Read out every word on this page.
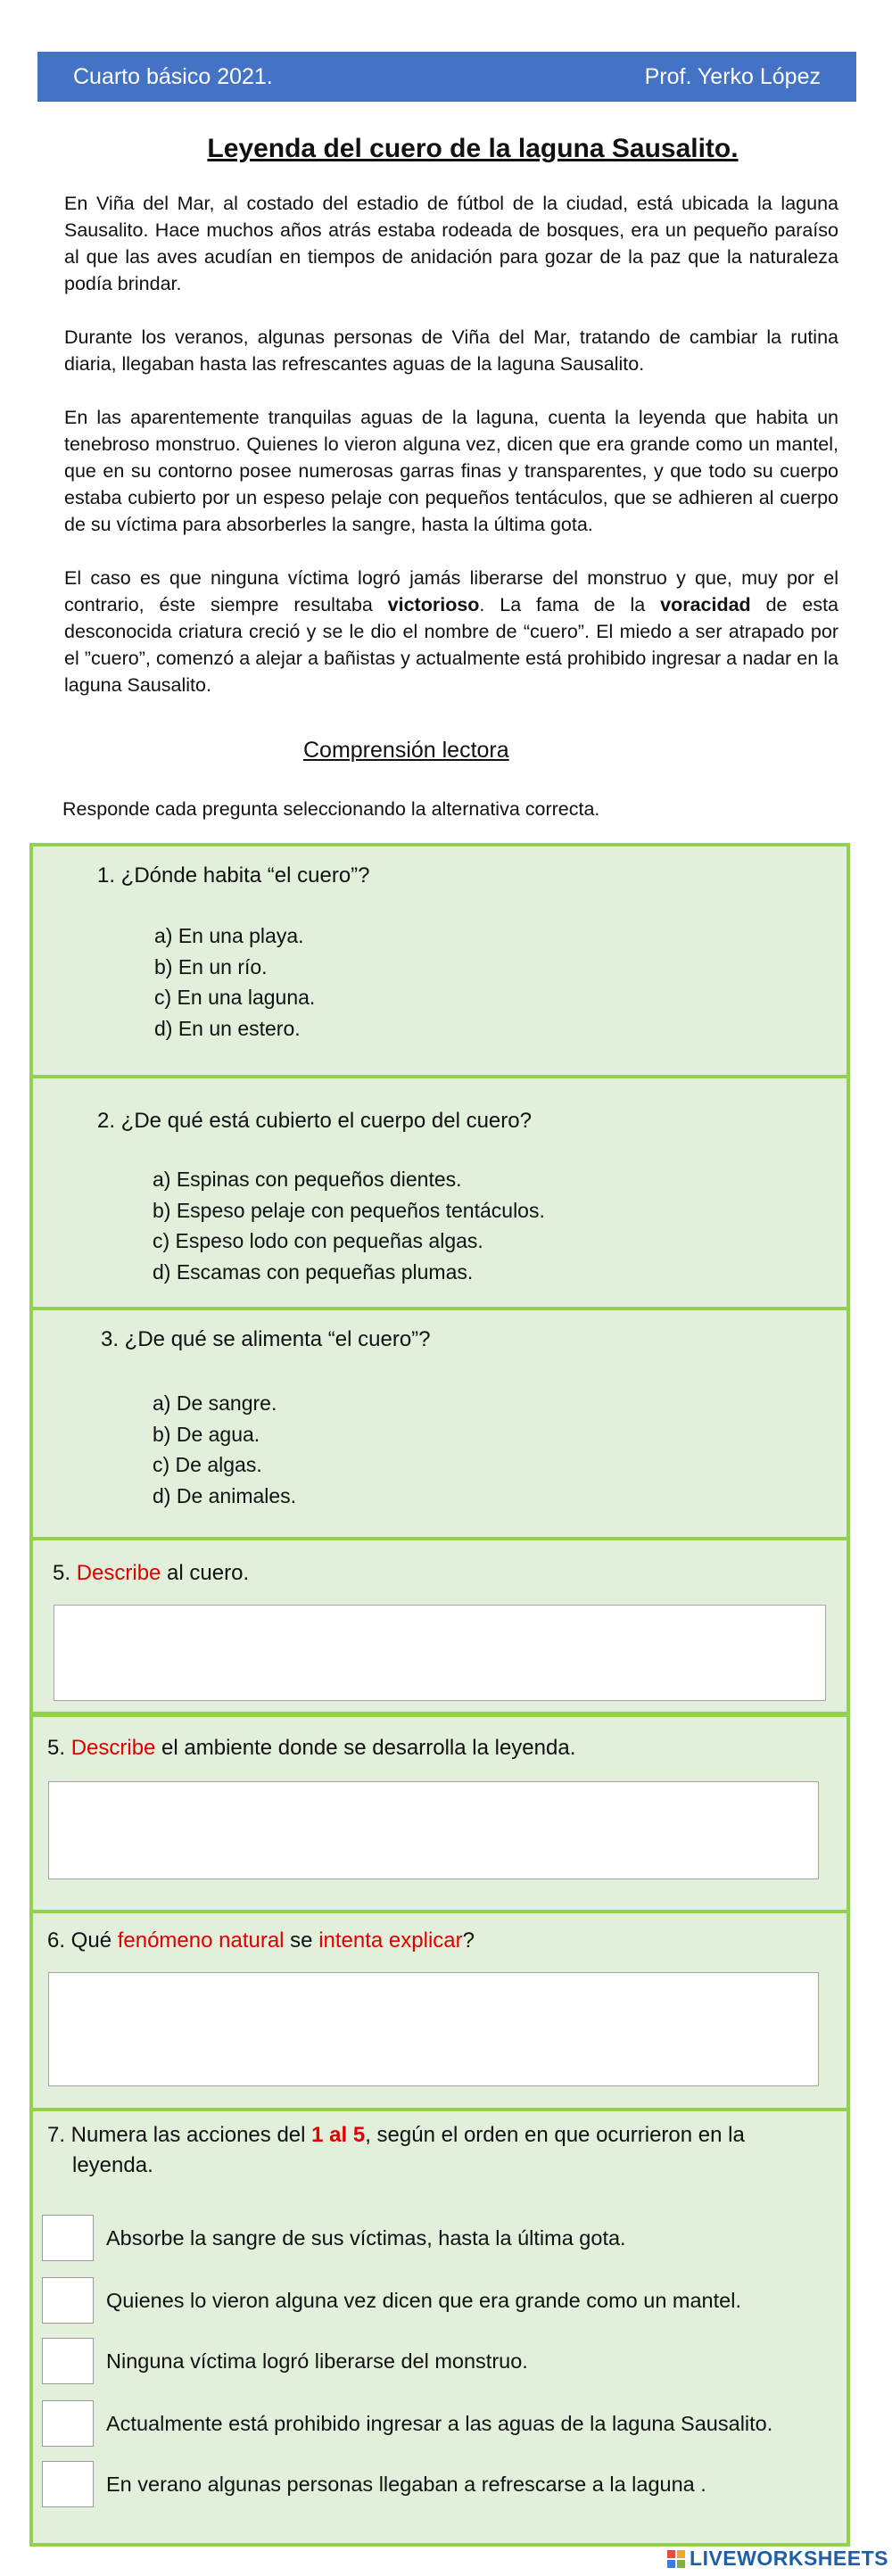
Cuarto básico 2021.	Prof. Yerko López
Leyenda del cuero de la laguna Sausalito.

En Viña del Mar, al costado del estadio de fútbol de la ciudad, está ubicada la laguna Sausalito. Hace muchos años atrás estaba rodeada de bosques, era un pequeño paraíso al que las aves acudían en tiempos de anidación para gozar de la paz que la naturaleza podía brindar.

Durante los veranos, algunas personas de Viña del Mar, tratando de cambiar la rutina diaria, llegaban hasta las refrescantes aguas de la laguna Sausalito.

En las aparentemente tranquilas aguas de la laguna, cuenta la leyenda que habita un tenebroso monstruo. Quienes lo vieron alguna vez, dicen que era grande como un mantel, que en su contorno posee numerosas garras finas y transparentes, y que todo su cuerpo estaba cubierto por un espeso pelaje con pequeños tentáculos, que se adhieren al cuerpo de su víctima para absorberles la sangre, hasta la última gota.

El caso es que ninguna víctima logró jamás liberarse del monstruo y que, muy por el contrario, éste siempre resultaba victorioso. La fama de la voracidad de esta desconocida criatura creció y se le dio el nombre de “cuero”. El miedo a ser atrapado por el ”cuero”, comenzó a alejar a bañistas y actualmente está prohibido ingresar a nadar en la laguna Sausalito.

Comprensión lectora
Responde cada pregunta seleccionando la alternativa correcta.
1. ¿Dónde habita “el cuero”?
a) En una playa.
b) En un río.
c) En una laguna.
d) En un estero.
2. ¿De qué está cubierto el cuerpo del cuero?
a) Espinas con pequeños dientes.
b) Espeso pelaje con pequeños tentáculos.
c) Espeso lodo con pequeñas algas.
d) Escamas con pequeñas plumas.
3. ¿De qué se alimenta “el cuero”?
a) De sangre.
b) De agua.
c) De algas.
d) De animales.
5. Describe al cuero.
5. Describe el ambiente donde se desarrolla la leyenda.
6. Qué fenómeno natural se intenta explicar?
7. Numera las acciones del 1 al 5, según el orden en que ocurrieron en la
leyenda.
Absorbe la sangre de sus víctimas, hasta la última gota.
Quienes lo vieron alguna vez dicen que era grande como un mantel.
Ninguna víctima logró liberarse del monstruo.
Actualmente está prohibido ingresar a las aguas de la laguna Sausalito.
En verano algunas personas llegaban a refrescarse a la laguna .
LIVEWORKSHEETS
